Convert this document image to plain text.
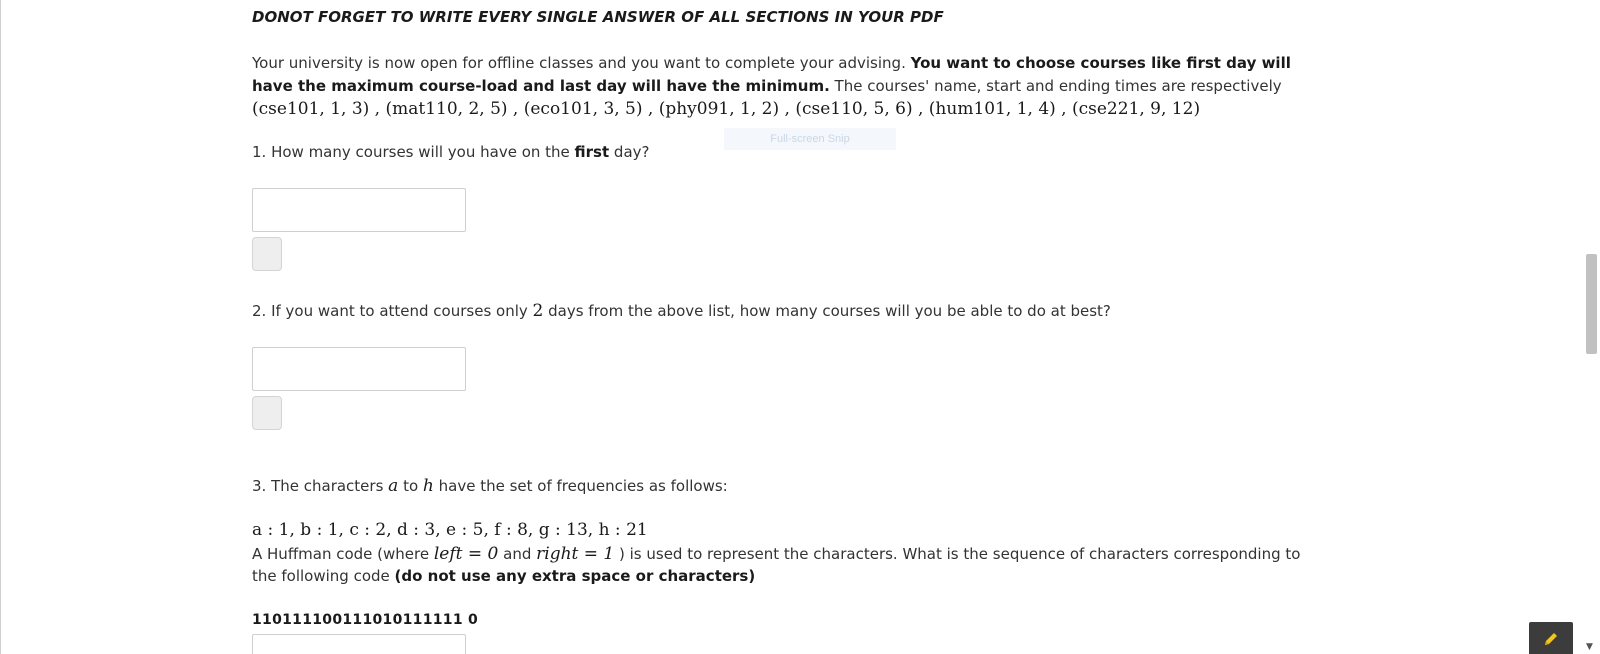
DONOT FORGET TO WRITE EVERY SINGLE ANSWER OF ALL SECTIONS IN YOUR PDF
Your university is now open for offline classes and you want to complete your advising. You want to choose courses like first day will have the maximum course-load and last day will have the minimum. The courses' name, start and ending times are respectively
(cse101, 1, 3) , (mat110, 2, 5) , (eco101, 3, 5) , (phy091, 1, 2) , (cse110, 5, 6) , (hum101, 1, 4) , (cse221, 9, 12)
1. How many courses will you have on the first day?
2. If you want to attend courses only 2 days from the above list, how many courses will you be able to do at best?
3. The characters a to h have the set of frequencies as follows:
a : 1, b : 1, c : 2, d : 3, e : 5, f : 8, g : 13, h : 21
A Huffman code (where left = 0 and right = 1 ) is used to represent the characters. What is the sequence of characters corresponding to the following code (do not use any extra space or characters)
110111100111010111111 0
Full-screen Snip
▼
